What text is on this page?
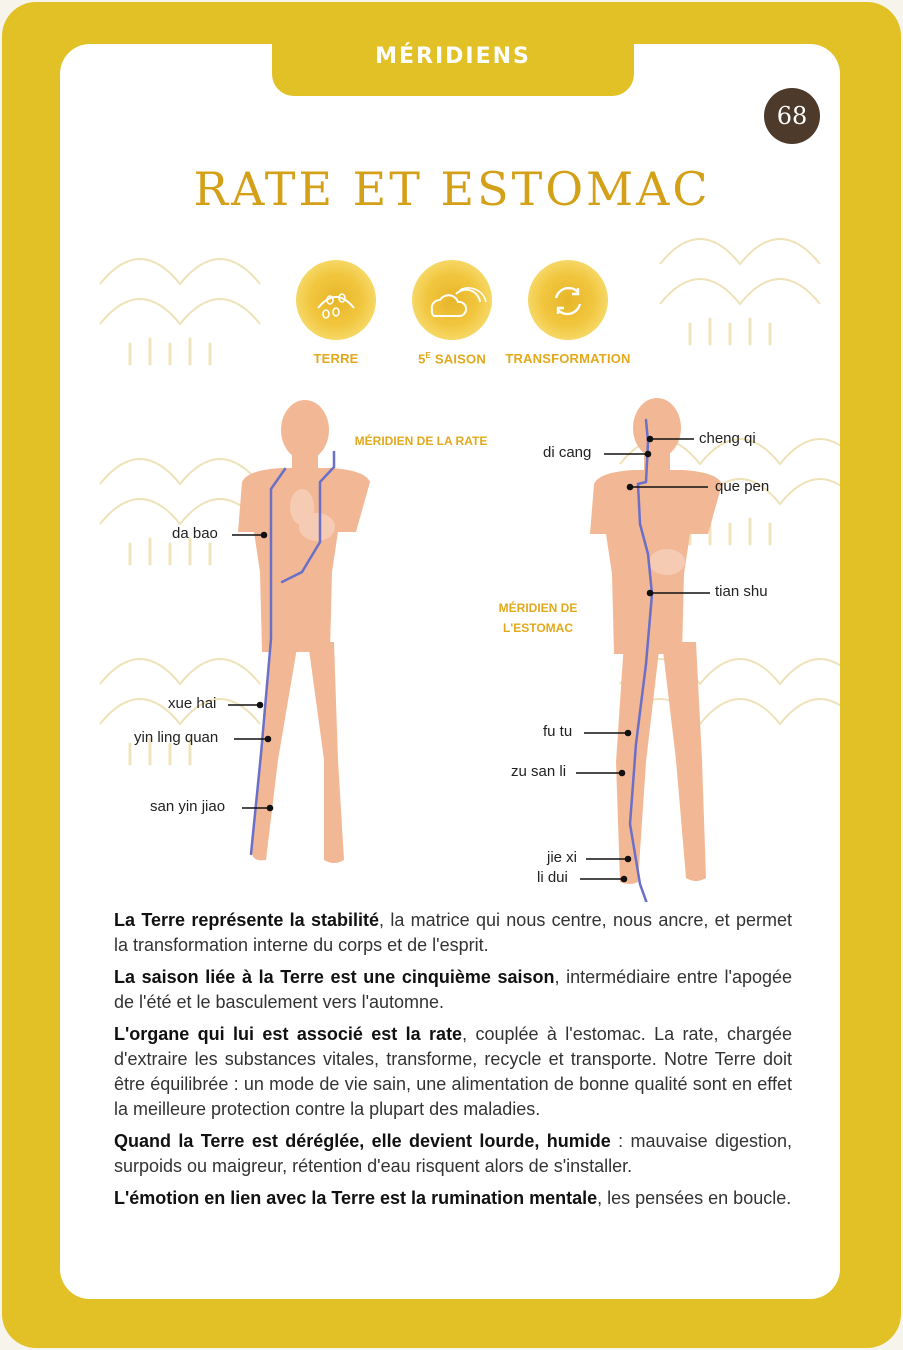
MÉRIDIENS
68
RATE ET ESTOMAC
TERRE	$5^E$ SAISON	TRANSFORMATION
MÉRIDIEN DE LA RATE
MÉRIDIEN DE
L'ESTOMAC
da bao
xue hai
yin ling quan
san yin jiao
di cang
cheng qi
que pen
tian shu
fu tu
zu san li
jie xi
li dui

La Terre représente la stabilité, la matrice qui nous centre, nous ancre, et permet la transformation interne du corps et de l'esprit.

La saison liée à la Terre est une cinquième saison, intermédiaire entre l'apogée de l'été et le basculement vers l'automne.

L'organe qui lui est associé est la rate, couplée à l'estomac. La rate, chargée d'extraire les substances vitales, transforme, recycle et transporte. Notre Terre doit être équilibrée : un mode de vie sain, une alimentation de bonne qualité sont en effet la meilleure protection contre la plupart des maladies.

Quand la Terre est déréglée, elle devient lourde, humide : mauvaise digestion, surpoids ou maigreur, rétention d'eau risquent alors de s'installer.

L'émotion en lien avec la Terre est la rumination mentale, les pensées en boucle.
